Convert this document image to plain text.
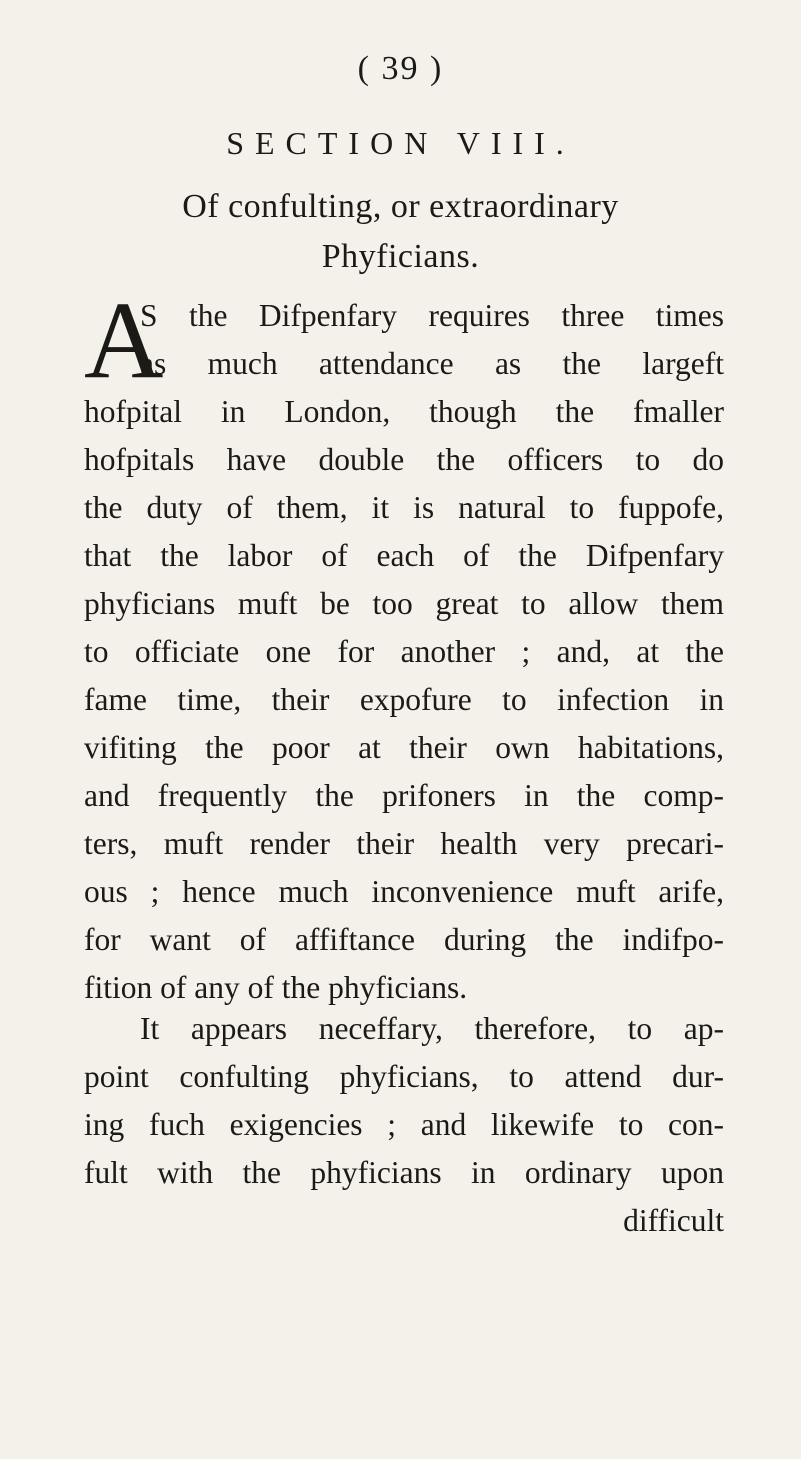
( 39 )
SECTION VIII.
Of confulting, or extraordinary
Phyficians.
A
S the Difpenfary requires three times
as much attendance as the largeft
hofpital in London, though the fmaller
hofpitals have double the officers to do
the duty of them, it is natural to fuppofe,
that the labor of each of the Difpenfary
phyficians muft be too great to allow them
to officiate one for another ; and, at the
fame time, their expofure to infection in
vifiting the poor at their own habitations,
and frequently the prifoners in the comp-
ters, muft render their health very precari-
ous ; hence much inconvenience muft arife,
for want of affiftance during the indifpo-
fition of any of the phyficians.
It appears neceffary, therefore, to ap-
point confulting phyficians, to attend dur-
ing fuch exigencies ; and likewife to con-
fult with the phyficians in ordinary upon
difficult
